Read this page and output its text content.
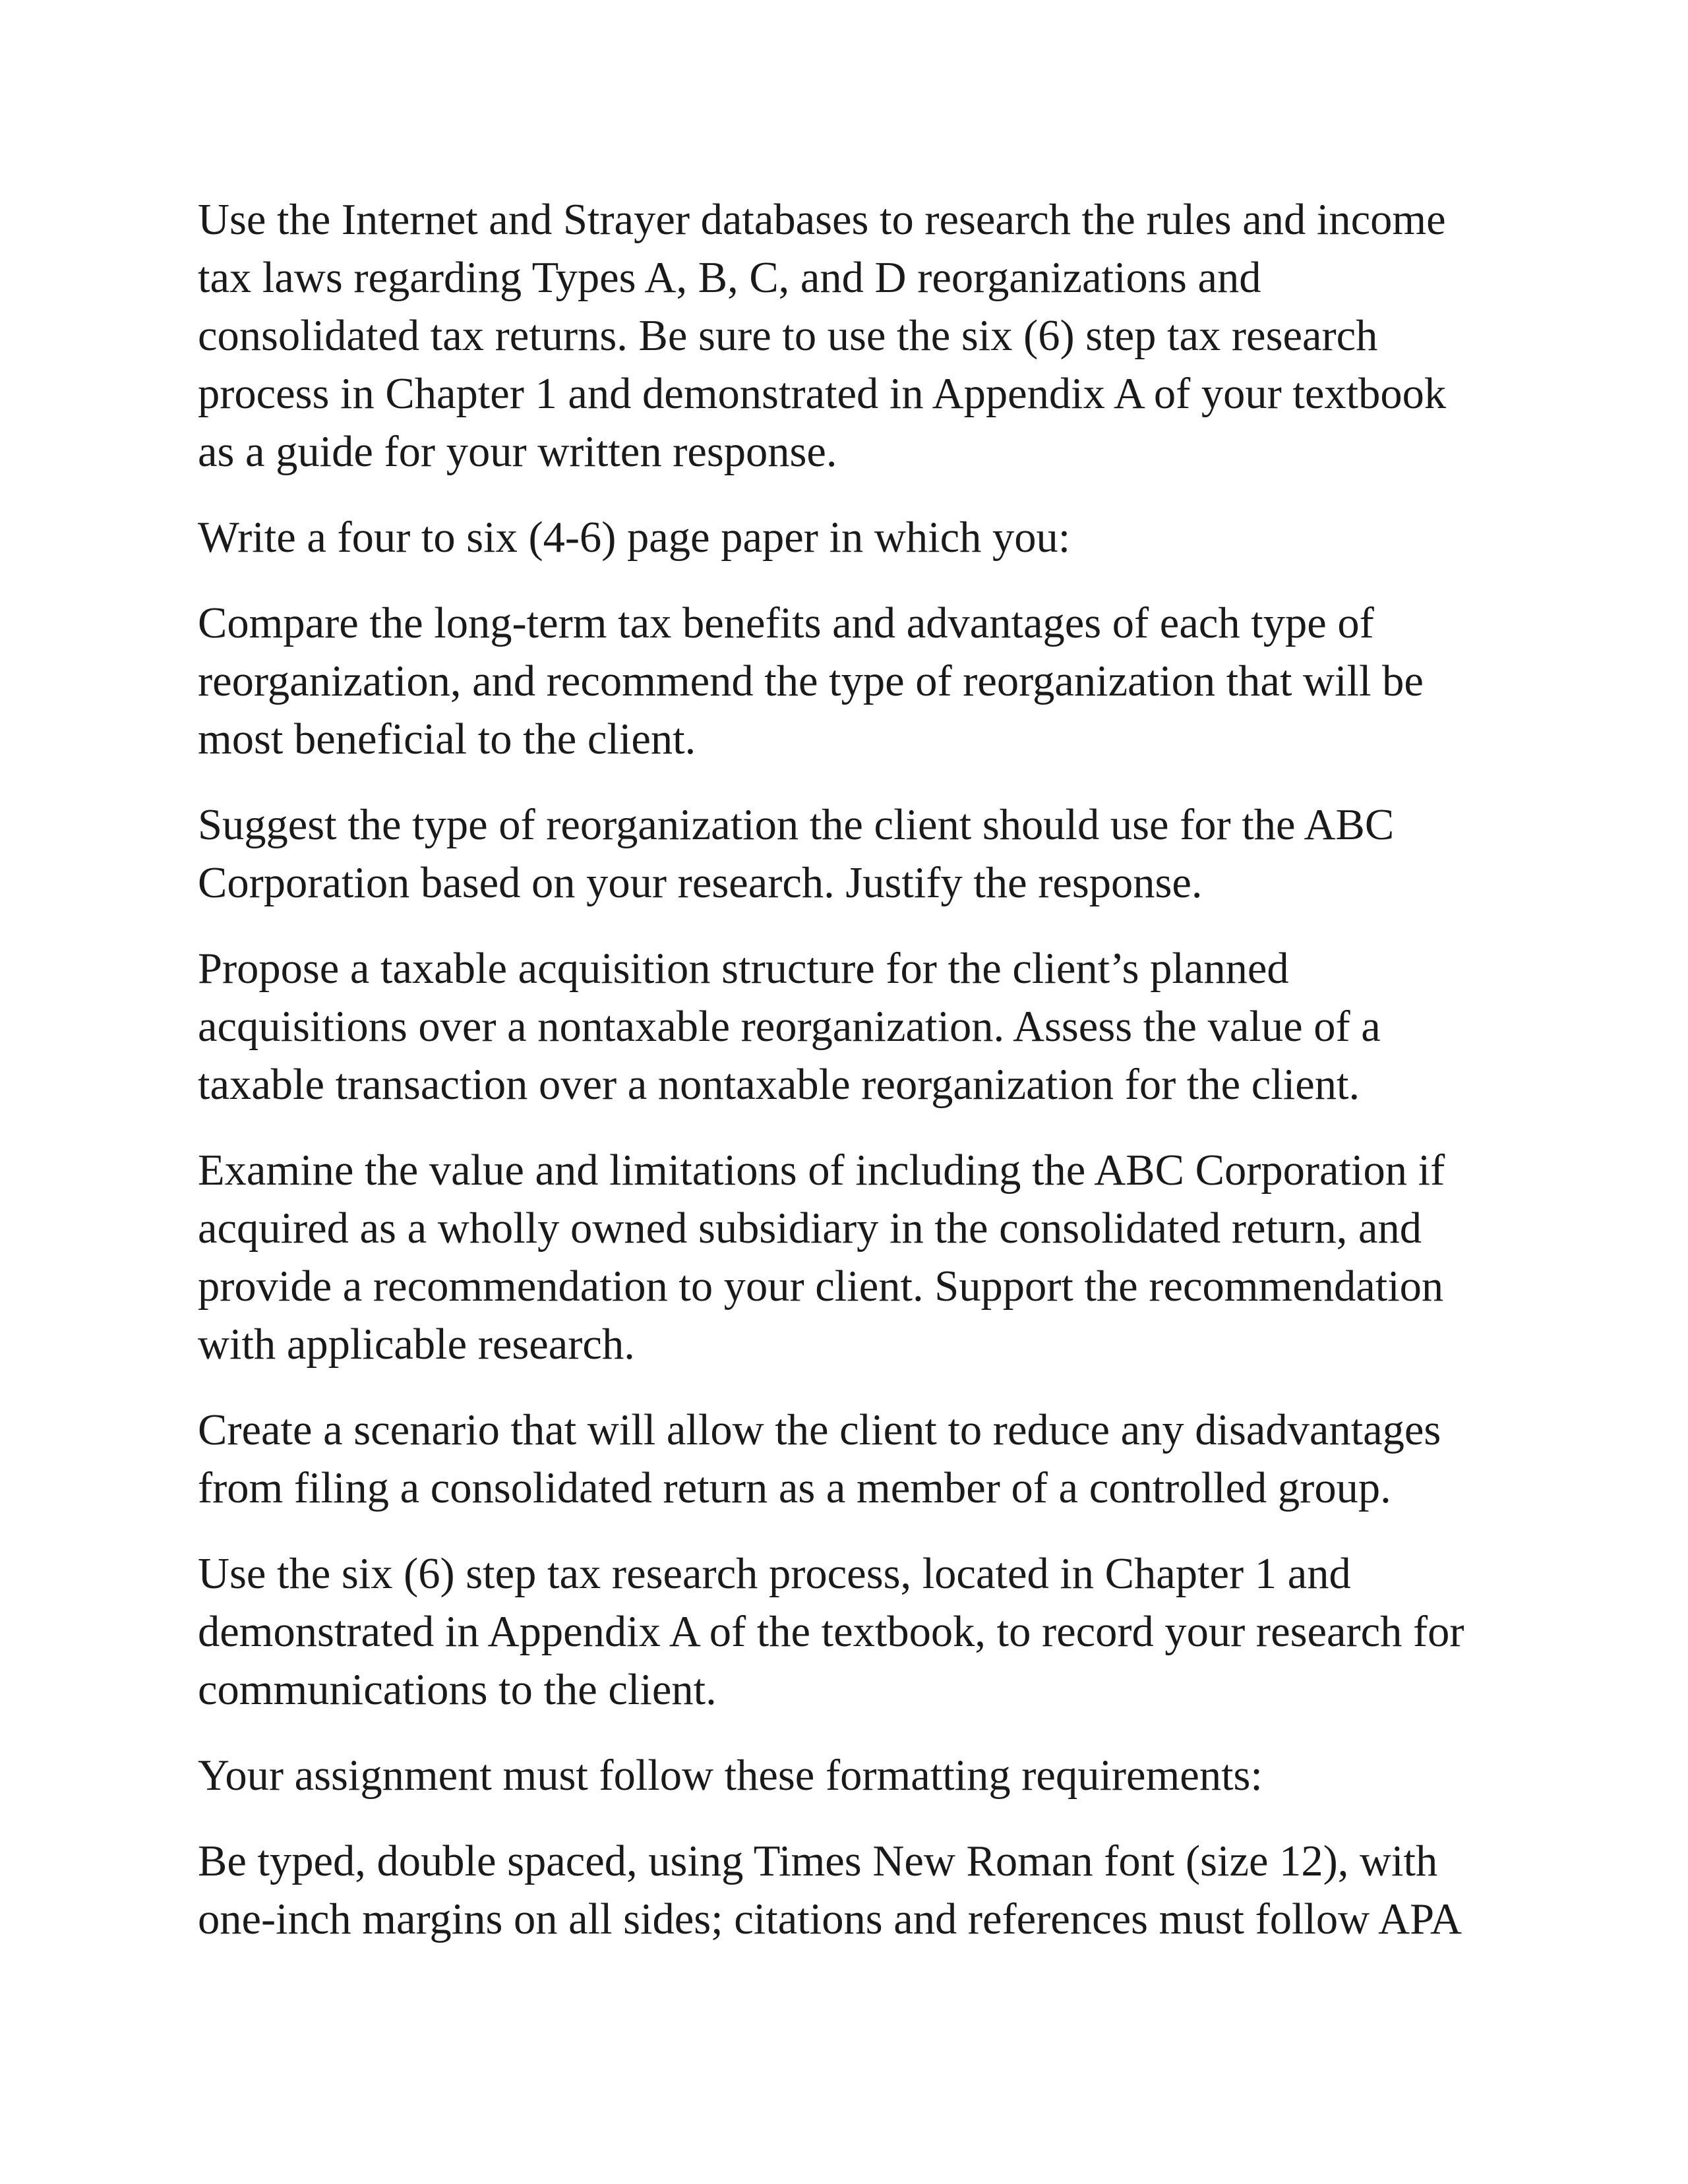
Use the Internet and Strayer databases to research the rules and income
tax laws regarding Types A, B, C, and D reorganizations and
consolidated tax returns. Be sure to use the six (6) step tax research
process in Chapter 1 and demonstrated in Appendix A of your textbook
as a guide for your written response.

Write a four to six (4-6) page paper in which you:

Compare the long-term tax benefits and advantages of each type of
reorganization, and recommend the type of reorganization that will be
most beneficial to the client.

Suggest the type of reorganization the client should use for the ABC
Corporation based on your research. Justify the response.

Propose a taxable acquisition structure for the client’s planned
acquisitions over a nontaxable reorganization. Assess the value of a
taxable transaction over a nontaxable reorganization for the client.

Examine the value and limitations of including the ABC Corporation if
acquired as a wholly owned subsidiary in the consolidated return, and
provide a recommendation to your client. Support the recommendation
with applicable research.

Create a scenario that will allow the client to reduce any disadvantages
from filing a consolidated return as a member of a controlled group.

Use the six (6) step tax research process, located in Chapter 1 and
demonstrated in Appendix A of the textbook, to record your research for
communications to the client.

Your assignment must follow these formatting requirements:

Be typed, double spaced, using Times New Roman font (size 12), with
one-inch margins on all sides; citations and references must follow APA
